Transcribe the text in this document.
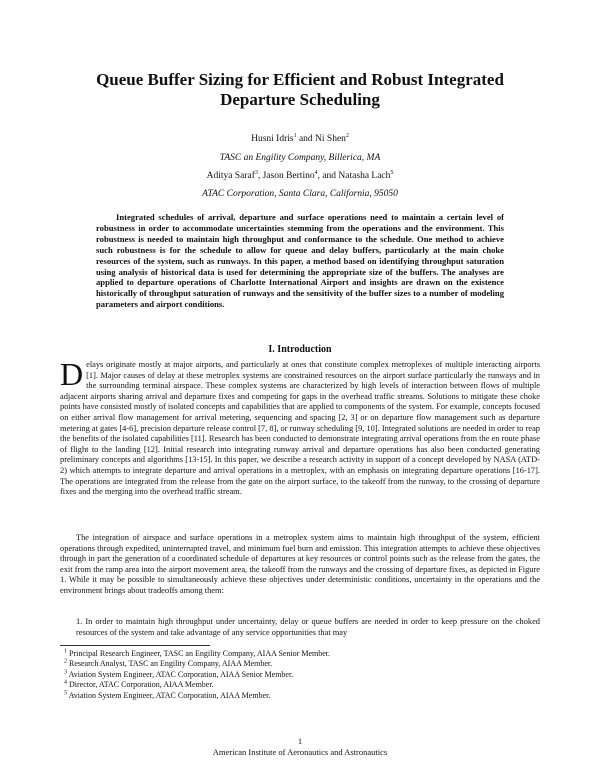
Queue Buffer Sizing for Efficient and Robust Integrated Departure Scheduling
Husni Idris$^1$ and Ni Shen$^2$
TASC an Engility Company, Billerica, MA
Aditya Saraf$^3$, Jason Bertino$^4$, and Natasha Lach$^5$
ATAC Corporation, Santa Clara, California, 95050
Integrated schedules of arrival, departure and surface operations need to maintain a certain level of robustness in order to accommodate uncertainties stemming from the operations and the environment. This robustness is needed to maintain high throughput and conformance to the schedule. One method to achieve such robustness is for the schedule to allow for queue and delay buffers, particularly at the main choke resources of the system, such as runways. In this paper, a method based on identifying throughput saturation using analysis of historical data is used for determining the appropriate size of the buffers. The analyses are applied to departure operations of Charlotte International Airport and insights are drawn on the existence historically of throughput saturation of runways and the sensitivity of the buffer sizes to a number of modeling parameters and airport conditions.
I. Introduction
Delays originate mostly at major airports, and particularly at ones that constitute complex metroplexes of multiple interacting airports [1]. Major causes of delay at these metroplex systems are constrained resources on the airport surface particularly the runways and in the surrounding terminal airspace. These complex systems are characterized by high levels of interaction between flows of multiple adjacent airports sharing arrival and departure fixes and competing for gaps in the overhead traffic streams. Solutions to mitigate these choke points have consisted mostly of isolated concepts and capabilities that are applied to components of the system. For example, concepts focused on either arrival flow management for arrival metering, sequencing and spacing [2, 3] or on departure flow management such as departure metering at gates [4-6], precision departure release control [7, 8], or runway scheduling [9, 10]. Integrated solutions are needed in order to reap the benefits of the isolated capabilities [11]. Research has been conducted to demonstrate integrating arrival operations from the en route phase of flight to the landing [12]. Initial research into integrating runway arrival and departure operations has also been conducted generating preliminary concepts and algorithms [13-15]. In this paper, we describe a research activity in support of a concept developed by NASA (ATD-2) which attempts to integrate departure and arrival operations in a metroplex, with an emphasis on integrating departure operations [16-17]. The operations are integrated from the release from the gate on the airport surface, to the takeoff from the runway, to the crossing of departure fixes and the merging into the overhead traffic stream.
The integration of airspace and surface operations in a metroplex system aims to maintain high throughput of the system, efficient operations through expedited, uninterrupted travel, and minimum fuel burn and emission. This integration attempts to achieve these objectives through in part the generation of a coordinated schedule of departures at key resources or control points such as the release from the gates, the exit from the ramp area into the airport movement area, the takeoff from the runways and the crossing of departure fixes, as depicted in Figure 1. While it may be possible to simultaneously achieve these objectives under deterministic conditions, uncertainty in the operations and the environment brings about tradeoffs among them:
1. In order to maintain high throughput under uncertainty, delay or queue buffers are needed in order to keep pressure on the choked resources of the system and take advantage of any service opportunities that may
$^1$ Principal Research Engineer, TASC an Engility Company, AIAA Senior Member.
$^2$ Research Analyst, TASC an Engility Company, AIAA Member.
$^3$ Aviation System Engineer, ATAC Corporation, AIAA Senior Member.
$^4$ Director, ATAC Corporation, AIAA Member.
$^5$ Aviation System Engineer, ATAC Corporation, AIAA Member.
1
American Institute of Aeronautics and Astronautics
